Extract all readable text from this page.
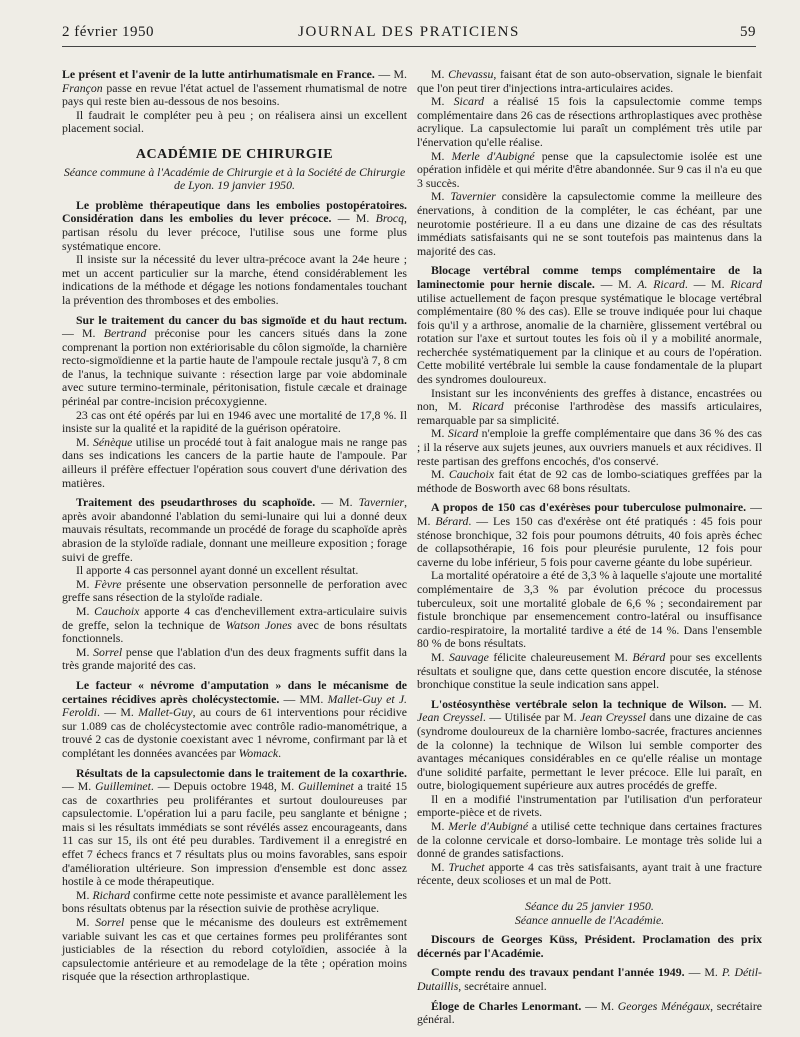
2 février 1950	JOURNAL DES PRATICIENS	59

Le présent et l'avenir de la lutte antirhumatismale en France. — M. Françon passe en revue l'état actuel de l'assement rhumatismal de notre pays qui reste bien au-dessous de nos besoins.

Il faudrait le compléter peu à peu ; on réalisera ainsi un excellent placement social.

ACADÉMIE DE CHIRURGIE

Séance commune à l'Académie de Chirurgie et à la Société de Chirurgie de Lyon. 19 janvier 1950.

Le problème thérapeutique dans les embolies postopératoires. Considération dans les embolies du lever précoce. — M. Brocq, partisan résolu du lever précoce, l'utilise sous une forme plus systématique encore.

Il insiste sur la nécessité du lever ultra-précoce avant la 24e heure ; met un accent particulier sur la marche, étend considérablement les indications de la méthode et dégage les notions fondamentales touchant la prévention des thromboses et des embolies.

Sur le traitement du cancer du bas sigmoïde et du haut rectum. — M. Bertrand préconise pour les cancers situés dans la zone comprenant la portion non extériorisable du côlon sigmoïde, la charnière recto-sigmoïdienne et la partie haute de l'ampoule rectale jusqu'à 7, 8 cm de l'anus, la technique suivante : résection large par voie abdominale avec suture termino-terminale, péritonisation, fistule cæcale et drainage périnéal par contre-incision précoxygienne.

23 cas ont été opérés par lui en 1946 avec une mortalité de 17,8 %. Il insiste sur la qualité et la rapidité de la guérison opératoire.

M. Sénèque utilise un procédé tout à fait analogue mais ne range pas dans ses indications les cancers de la partie haute de l'ampoule. Par ailleurs il préfère effectuer l'opération sous couvert d'une dérivation des matières.

Traitement des pseudarthroses du scaphoïde. — M. Tavernier, après avoir abandonné l'ablation du semi-lunaire qui lui a donné deux mauvais résultats, recommande un procédé de forage du scaphoïde après abrasion de la styloïde radiale, donnant une meilleure exposition ; forage suivi de greffe.

Il apporte 4 cas personnel ayant donné un excellent résultat.

M. Fèvre présente une observation personnelle de perforation avec greffe sans résection de la styloïde radiale.

M. Cauchoix apporte 4 cas d'enchevillement extra-articulaire suivis de greffe, selon la technique de Watson Jones avec de bons résultats fonctionnels.

M. Sorrel pense que l'ablation d'un des deux fragments suffit dans la très grande majorité des cas.

Le facteur « névrome d'amputation » dans le mécanisme de certaines récidives après cholécystectomie. — MM. Mallet-Guy et J. Feroldi. — M. Mallet-Guy, au cours de 61 interventions pour récidive sur 1.089 cas de cholécystectomie avec contrôle radio-manométrique, a trouvé 2 cas de dystonie coexistant avec 1 névrome, confirmant par là et complétant les données avancées par Womack.

Résultats de la capsulectomie dans le traitement de la coxarthrie. — M. Guilleminet. — Depuis octobre 1948, M. Guilleminet a traité 15 cas de coxarthries peu proliférantes et surtout douloureuses par capsulectomie. L'opération lui a paru facile, peu sanglante et bénigne ; mais si les résultats immédiats se sont révélés assez encourageants, dans 11 cas sur 15, ils ont été peu durables. Tardivement il a enregistré en effet 7 échecs francs et 7 résultats plus ou moins favorables, sans espoir d'amélioration ultérieure. Son impression d'ensemble est donc assez hostile à ce mode thérapeutique.

M. Richard confirme cette note pessimiste et avance parallèlement les bons résultats obtenus par la résection suivie de prothèse acrylique.

M. Sorrel pense que le mécanisme des douleurs est extrêmement variable suivant les cas et que certaines formes peu proliférantes sont justiciables de la résection du rebord cotyloïdien, associée à la capsulectomie antérieure et au remodelage de la tête ; opération moins risquée que la résection arthroplastique.

M. Chevassu, faisant état de son auto-observation, signale le bienfait que l'on peut tirer d'injections intra-articulaires acides.

M. Sicard a réalisé 15 fois la capsulectomie comme temps complémentaire dans 26 cas de résections arthroplastiques avec prothèse acrylique. La capsulectomie lui paraît un complément très utile par l'énervation qu'elle réalise.

M. Merle d'Aubigné pense que la capsulectomie isolée est une opération infidèle et qui mérite d'être abandonnée. Sur 9 cas il n'a eu que 3 succès.

M. Tavernier considère la capsulectomie comme la meilleure des énervations, à condition de la compléter, le cas échéant, par une neurotomie postérieure. Il a eu dans une dizaine de cas des résultats immédiats satisfaisants qui ne se sont toutefois pas maintenus dans la majorité des cas.

Blocage vertébral comme temps complémentaire de la laminectomie pour hernie discale. — M. A. Ricard. — M. Ricard utilise actuellement de façon presque systématique le blocage vertébral complémentaire (80 % des cas). Elle se trouve indiquée pour lui chaque fois qu'il y a arthrose, anomalie de la charnière, glissement vertébral ou rotation sur l'axe et surtout toutes les fois où il y a mobilité anormale, recherchée systématiquement par la clinique et au cours de l'opération. Cette mobilité vertébrale lui semble la cause fondamentale de la plupart des syndromes douloureux.

Insistant sur les inconvénients des greffes à distance, encastrées ou non, M. Ricard préconise l'arthrodèse des massifs articulaires, remarquable par sa simplicité.

M. Sicard n'emploie la greffe complémentaire que dans 36 % des cas ; il la réserve aux sujets jeunes, aux ouvriers manuels et aux récidives. Il reste partisan des greffons encochés, d'os conservé.

M. Cauchoix fait état de 92 cas de lombo-sciatiques greffées par la méthode de Bosworth avec 68 bons résultats.

A propos de 150 cas d'exérèses pour tuberculose pulmonaire. — M. Bérard. — Les 150 cas d'exérèse ont été pratiqués : 45 fois pour sténose bronchique, 32 fois pour poumons détruits, 40 fois après échec de collapsothérapie, 16 fois pour pleurésie purulente, 12 fois pour caverne du lobe inférieur, 5 fois pour caverne géante du lobe supérieur.

La mortalité opératoire a été de 3,3 % à laquelle s'ajoute une mortalité complémentaire de 3,3 % par évolution précoce du processus tuberculeux, soit une mortalité globale de 6,6 % ; secondairement par fistule bronchique par ensemencement contro-latéral ou insuffisance cardio-respiratoire, la mortalité tardive a été de 14 %. Dans l'ensemble 80 % de bons résultats.

M. Sauvage félicite chaleureusement M. Bérard pour ses excellents résultats et souligne que, dans cette question encore discutée, la sténose bronchique constitue la seule indication sans appel.

L'ostéosynthèse vertébrale selon la technique de Wilson. — M. Jean Creyssel. — Utilisée par M. Jean Creyssel dans une dizaine de cas (syndrome douloureux de la charnière lombo-sacrée, fractures anciennes de la colonne) la technique de Wilson lui semble comporter des avantages mécaniques considérables en ce qu'elle réalise un montage d'une solidité parfaite, permettant le lever précoce. Elle lui paraît, en outre, biologiquement supérieure aux autres procédés de greffe.

Il en a modifié l'instrumentation par l'utilisation d'un perforateur emporte-pièce et de rivets.

M. Merle d'Aubigné a utilisé cette technique dans certaines fractures de la colonne cervicale et dorso-lombaire. Le montage très solide lui a donné de grandes satisfactions.

M. Truchet apporte 4 cas très satisfaisants, ayant trait à une fracture récente, deux scolioses et un mal de Pott.

Séance du 25 janvier 1950.

Séance annuelle de l'Académie.

Discours de Georges Küss, Président. Proclamation des prix décernés par l'Académie.

Compte rendu des travaux pendant l'année 1949. — M. P. Détil-Dutaillis, secrétaire annuel.

Éloge de Charles Lenormant. — M. Georges Ménégaux, secrétaire général.
